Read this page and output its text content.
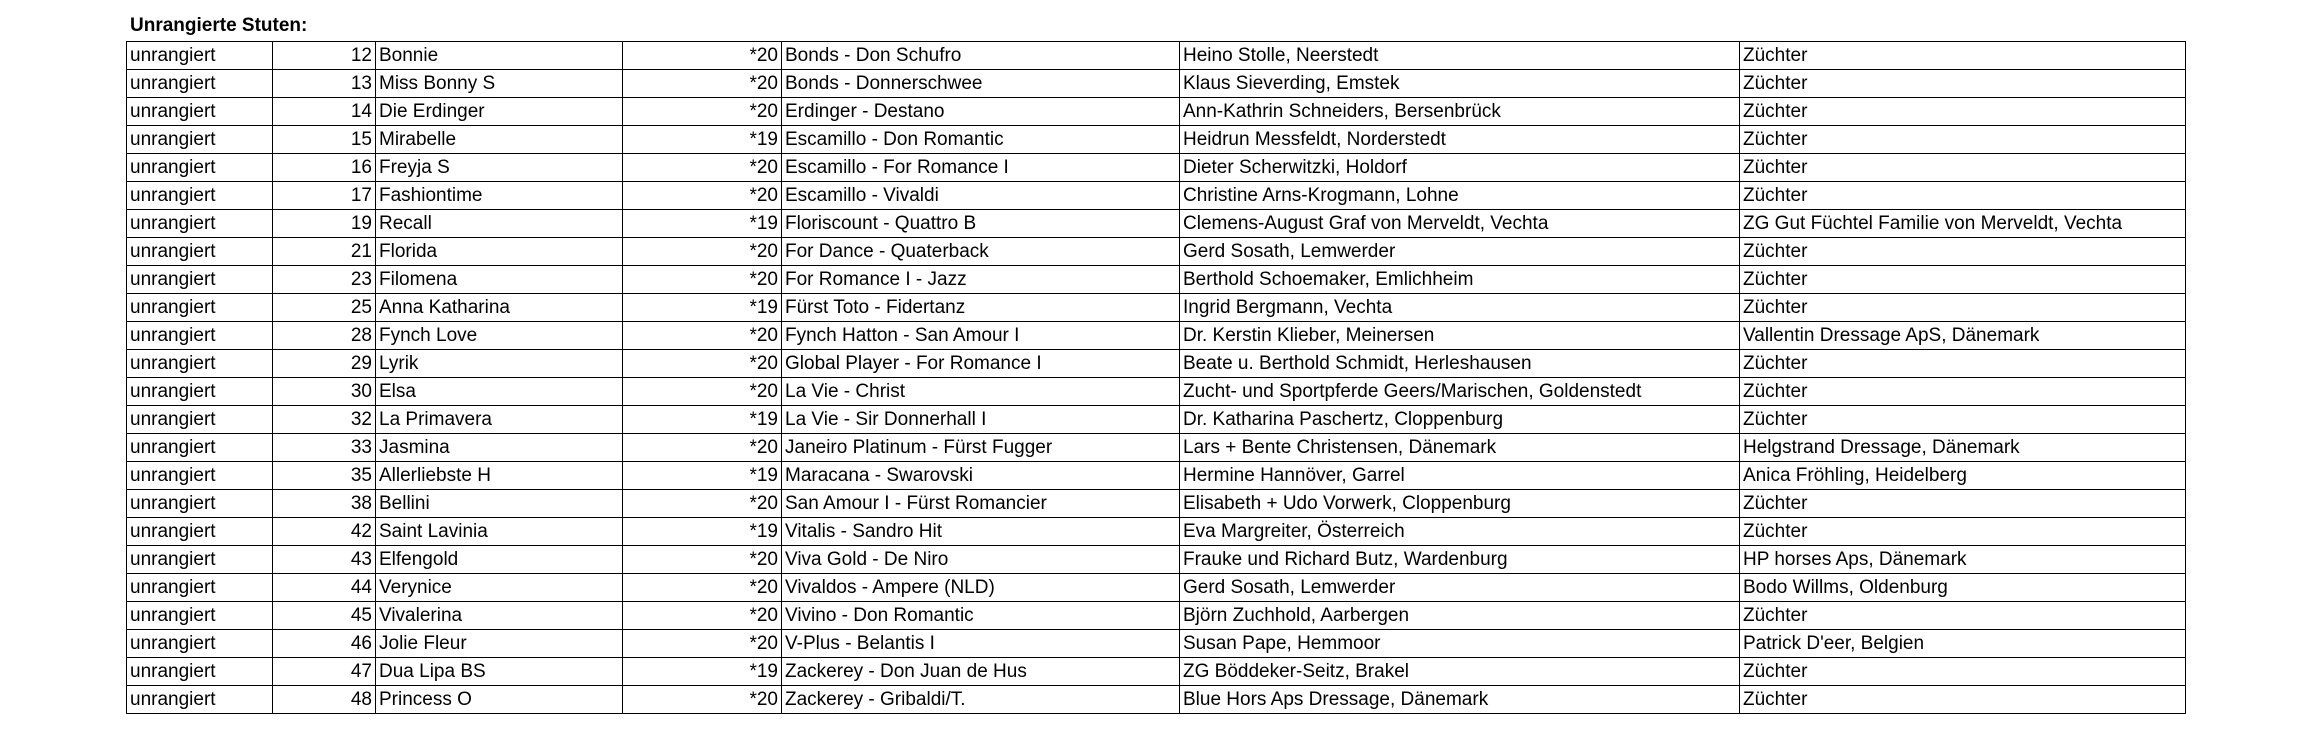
Unrangierte Stuten:
unrangiert	12	Bonnie	*20	Bonds - Don Schufro	Heino Stolle, Neerstedt	Züchter
unrangiert	13	Miss Bonny S	*20	Bonds - Donnerschwee	Klaus Sieverding, Emstek	Züchter
unrangiert	14	Die Erdinger	*20	Erdinger - Destano	Ann-Kathrin Schneiders, Bersenbrück	Züchter
unrangiert	15	Mirabelle	*19	Escamillo - Don Romantic	Heidrun Messfeldt, Norderstedt	Züchter
unrangiert	16	Freyja S	*20	Escamillo - For Romance I	Dieter Scherwitzki, Holdorf	Züchter
unrangiert	17	Fashiontime	*20	Escamillo - Vivaldi	Christine Arns-Krogmann, Lohne	Züchter
unrangiert	19	Recall	*19	Floriscount - Quattro B	Clemens-August Graf von Merveldt, Vechta	ZG Gut Füchtel Familie von Merveldt, Vechta
unrangiert	21	Florida	*20	For Dance - Quaterback	Gerd Sosath, Lemwerder	Züchter
unrangiert	23	Filomena	*20	For Romance I - Jazz	Berthold Schoemaker, Emlichheim	Züchter
unrangiert	25	Anna Katharina	*19	Fürst Toto - Fidertanz	Ingrid Bergmann, Vechta	Züchter
unrangiert	28	Fynch Love	*20	Fynch Hatton - San Amour I	Dr. Kerstin Klieber, Meinersen	Vallentin Dressage ApS, Dänemark
unrangiert	29	Lyrik	*20	Global Player - For Romance I	Beate u. Berthold Schmidt, Herleshausen	Züchter
unrangiert	30	Elsa	*20	La Vie - Christ	Zucht- und Sportpferde Geers/Marischen, Goldenstedt	Züchter
unrangiert	32	La Primavera	*19	La Vie - Sir Donnerhall I	Dr. Katharina Paschertz, Cloppenburg	Züchter
unrangiert	33	Jasmina	*20	Janeiro Platinum - Fürst Fugger	Lars + Bente Christensen, Dänemark	Helgstrand Dressage, Dänemark
unrangiert	35	Allerliebste H	*19	Maracana - Swarovski	Hermine Hannöver, Garrel	Anica Fröhling, Heidelberg
unrangiert	38	Bellini	*20	San Amour I - Fürst Romancier	Elisabeth + Udo Vorwerk, Cloppenburg	Züchter
unrangiert	42	Saint Lavinia	*19	Vitalis - Sandro Hit	Eva Margreiter, Österreich	Züchter
unrangiert	43	Elfengold	*20	Viva Gold - De Niro	Frauke und Richard Butz, Wardenburg	HP horses Aps, Dänemark
unrangiert	44	Verynice	*20	Vivaldos - Ampere (NLD)	Gerd Sosath, Lemwerder	Bodo Willms, Oldenburg
unrangiert	45	Vivalerina	*20	Vivino - Don Romantic	Björn Zuchhold, Aarbergen	Züchter
unrangiert	46	Jolie Fleur	*20	V-Plus - Belantis I	Susan Pape, Hemmoor	Patrick D'eer, Belgien
unrangiert	47	Dua Lipa BS	*19	Zackerey - Don Juan de Hus	ZG Böddeker-Seitz, Brakel	Züchter
unrangiert	48	Princess O	*20	Zackerey - Gribaldi/T.	Blue Hors Aps Dressage, Dänemark	Züchter
